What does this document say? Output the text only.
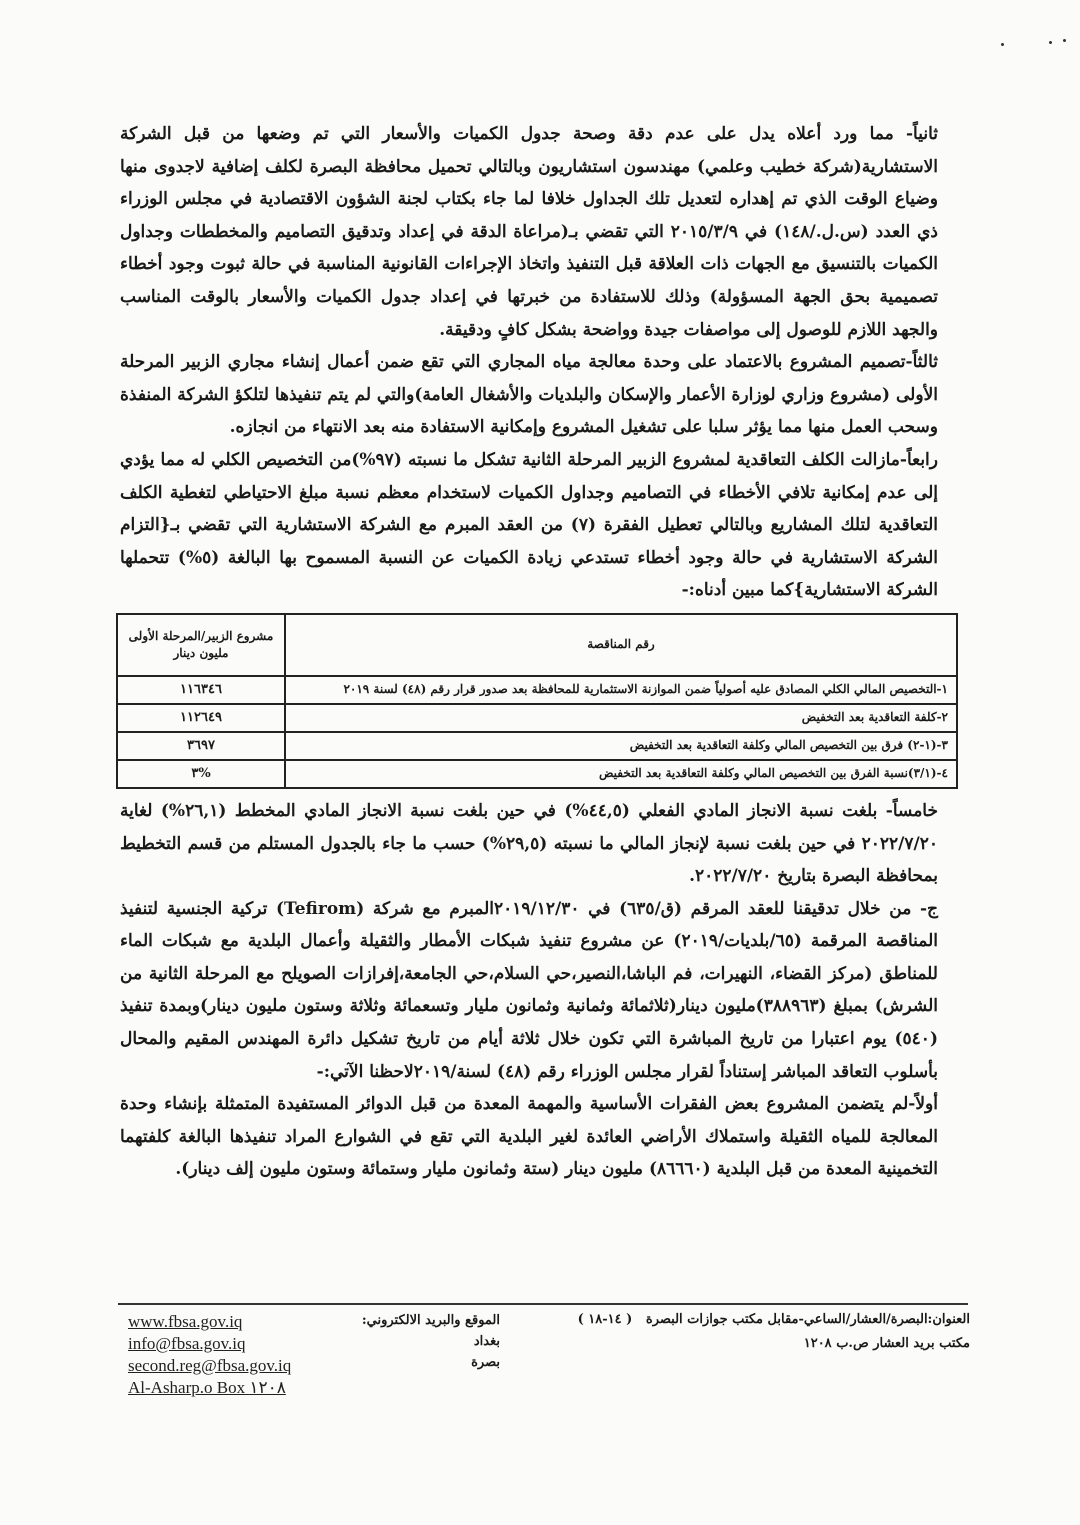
ثانياً- مما ورد أعلاه يدل على عدم دقة وصحة جدول الكميات والأسعار التي تم وضعها من قبل الشركة الاستشارية(شركة خطيب وعلمي) مهندسون استشاريون وبالتالي تحميل محافظة البصرة لكلف إضافية لاجدوى منها وضياع الوقت الذي تم إهداره لتعديل تلك الجداول خلافا لما جاء بكتاب لجنة الشؤون الاقتصادية في مجلس الوزراء ذي العدد (س.ل./١٤٨) في ٢٠١٥/٣/٩ التي تقضي بـ(مراعاة الدقة في إعداد وتدقيق التصاميم والمخططات وجداول الكميات بالتنسيق مع الجهات ذات العلاقة قبل التنفيذ واتخاذ الإجراءات القانونية المناسبة في حالة ثبوت وجود أخطاء تصميمية بحق الجهة المسؤولة) وذلك للاستفادة من خبرتها في إعداد جدول الكميات والأسعار بالوقت المناسب والجهد اللازم للوصول إلى مواصفات جيدة وواضحة بشكل كافٍ ودقيقة.

ثالثاً-تصميم المشروع بالاعتماد على وحدة معالجة مياه المجاري التي تقع ضمن أعمال إنشاء مجاري الزبير المرحلة الأولى (مشروع وزاري لوزارة الأعمار والإسكان والبلديات والأشغال العامة)والتي لم يتم تنفيذها لتلكؤ الشركة المنفذة وسحب العمل منها مما يؤثر سلبا على تشغيل المشروع وإمكانية الاستفادة منه بعد الانتهاء من انجازه.

رابعاً-مازالت الكلف التعاقدية لمشروع الزبير المرحلة الثانية تشكل ما نسبته (٩٧%)من التخصيص الكلي له مما يؤدي إلى عدم إمكانية تلافي الأخطاء في التصاميم وجداول الكميات لاستخدام معظم نسبة مبلغ الاحتياطي لتغطية الكلف التعاقدية لتلك المشاريع وبالتالي تعطيل الفقرة (٧) من العقد المبرم مع الشركة الاستشارية التي تقضي بـ{التزام الشركة الاستشارية في حالة وجود أخطاء تستدعي زيادة الكميات عن النسبة المسموح بها البالغة (٥%) تتحملها الشركة الاستشارية}كما مبين أدناه:-

رقم المناقصة	مشروع الزبير/المرحلة الأولى
مليون دينار

١-التخصيص المالي الكلي المصادق عليه أصولياً ضمن الموازنة الاستثمارية للمحافظة بعد صدور قرار رقم (٤٨) لسنة ٢٠١٩	١١٦٣٤٦
٢-كلفة التعاقدية بعد التخفيض	١١٢٦٤٩
٣-(١-٢) فرق بين التخصيص المالي وكلفة التعاقدية بعد التخفيض	٣٦٩٧
٤-(٣/١)نسبة الفرق بين التخصيص المالي وكلفة التعاقدية بعد التخفيض	%٣

خامساً- بلغت نسبة الانجاز المادي الفعلي (٤٤,٥%) في حين بلغت نسبة الانجاز المادي المخطط (٢٦,١%) لغاية ٢٠٢٢/٧/٢٠ في حين بلغت نسبة لإنجاز المالي ما نسبته (٢٩,٥%) حسب ما جاء بالجدول المستلم من قسم التخطيط بمحافظة البصرة بتاريخ ٢٠٢٢/٧/٢٠.

ج- من خلال تدقيقنا للعقد المرقم (ق/٦٣٥) في ٢٠١٩/١٢/٣٠المبرم مع شركة (Tefirom) تركية الجنسية لتنفيذ المناقصة المرقمة (٦٥/بلديات/٢٠١٩) عن مشروع تنفيذ شبكات الأمطار والثقيلة وأعمال البلدية مع شبكات الماء للمناطق (مركز القضاء، النهيرات، فم الباشا،النصير،حي السلام،حي الجامعة،إفرازات الصويلح مع المرحلة الثانية من الشرش) بمبلغ (٣٨٨٩٦٣)مليون دينار(ثلاثمائة وثمانية وثمانون مليار وتسعمائة وثلاثة وستون مليون دينار)وبمدة تنفيذ (٥٤٠) يوم اعتبارا من تاريخ المباشرة التي تكون خلال ثلاثة أيام من تاريخ تشكيل دائرة المهندس المقيم والمحال بأسلوب التعاقد المباشر إستناداً لقرار مجلس الوزراء رقم (٤٨) لسنة/٢٠١٩لاحظنا الآتي:-

أولاً-لم يتضمن المشروع بعض الفقرات الأساسية والمهمة المعدة من قبل الدوائر المستفيدة المتمثلة بإنشاء وحدة المعالجة للمياه الثقيلة واستملاك الأراضي العائدة لغير البلدية التي تقع في الشوارع المراد تنفيذها البالغة كلفتهما التخمينية المعدة من قبل البلدية (٨٦٦٦٠) مليون دينار (ستة وثمانون مليار وستمائة وستون مليون إلف دينار).

العنوان:البصرة/العشار/الساعي-مقابل مكتب جوازات البصرة   ( ١٤-١٨ )
مكتب بريد العشار ص.ب ١٢٠٨
الموقع والبريد الالكتروني:
بغداد
بصرة
www.fbsa.gov.iq
info@fbsa.gov.iq
second.reg@fbsa.gov.iq
Al-Asharp.o Box ١٢٠٨
